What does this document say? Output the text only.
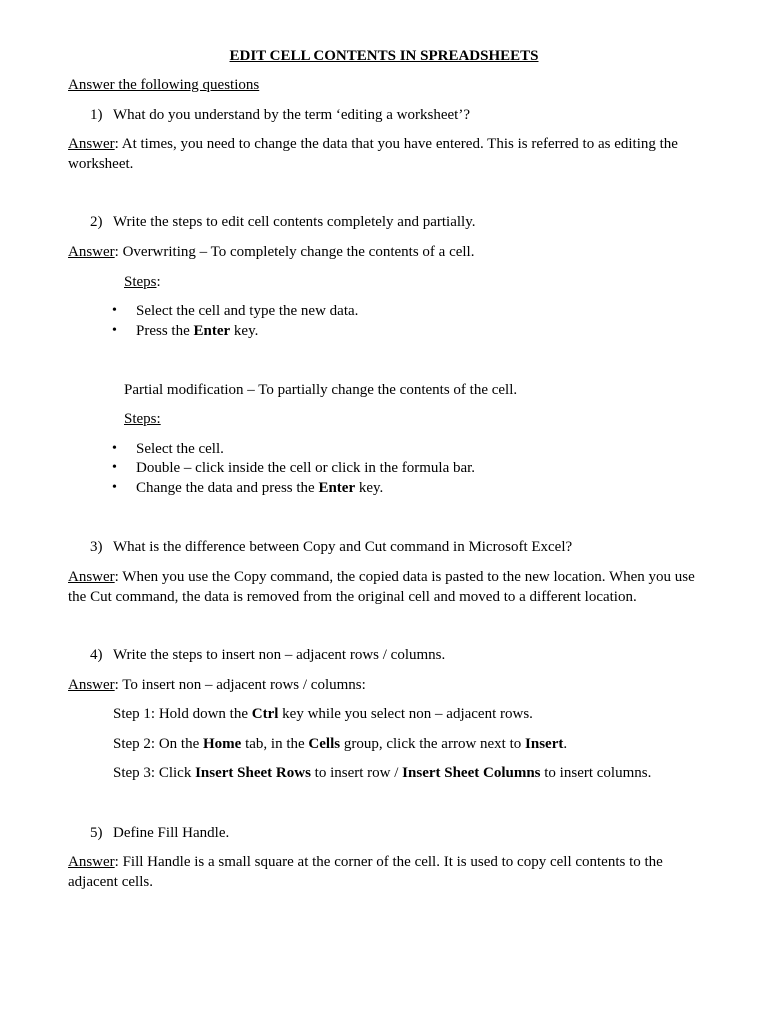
EDIT CELL CONTENTS IN SPREADSHEETS
Answer the following questions
1) What do you understand by the term ‘editing a worksheet’?
Answer: At times, you need to change the data that you have entered. This is referred to as editing the worksheet.
2) Write the steps to edit cell contents completely and partially.
Answer: Overwriting – To completely change the contents of a cell.
Steps:
• Select the cell and type the new data.
• Press the Enter key.
Partial modification – To partially change the contents of the cell.
Steps:
• Select the cell.
• Double – click inside the cell or click in the formula bar.
• Change the data and press the Enter key.
3) What is the difference between Copy and Cut command in Microsoft Excel?
Answer: When you use the Copy command, the copied data is pasted to the new location. When you use the Cut command, the data is removed from the original cell and moved to a different location.
4) Write the steps to insert non – adjacent rows / columns.
Answer: To insert non – adjacent rows / columns:
Step 1: Hold down the Ctrl key while you select non – adjacent rows.
Step 2: On the Home tab, in the Cells group, click the arrow next to Insert.
Step 3: Click Insert Sheet Rows to insert row / Insert Sheet Columns to insert columns.
5) Define Fill Handle.
Answer: Fill Handle is a small square at the corner of the cell. It is used to copy cell contents to the adjacent cells.
